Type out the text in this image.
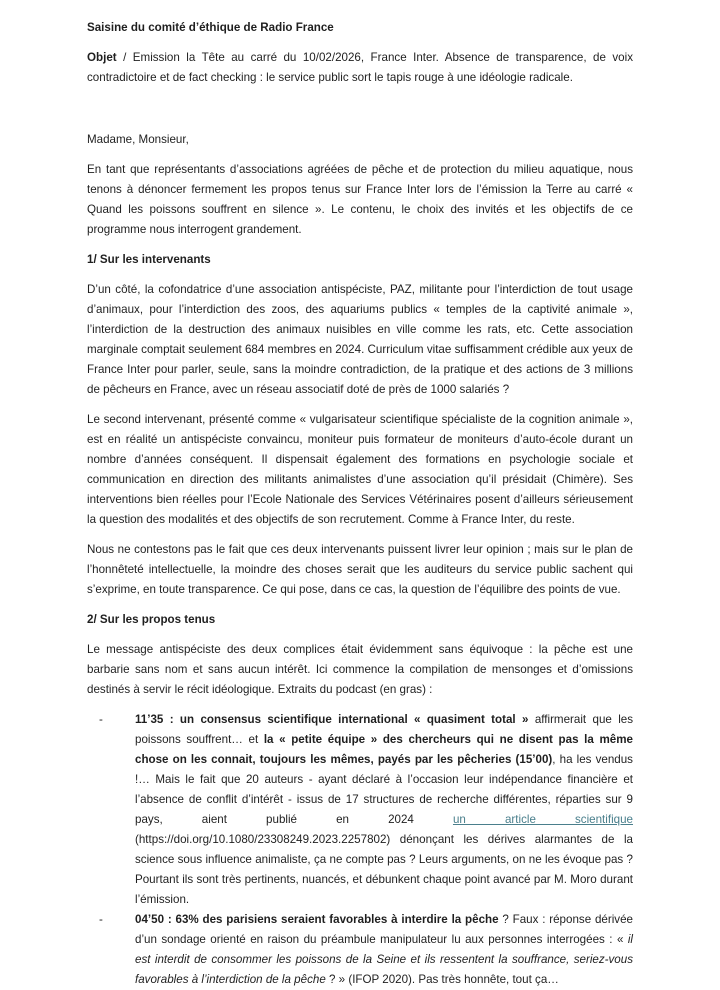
Saisine du comité d’éthique de Radio France

Objet / Emission la Tête au carré du 10/02/2026, France Inter. Absence de transparence, de voix contradictoire et de fact checking : le service public sort le tapis rouge à une idéologie radicale.

Madame, Monsieur,

En tant que représentants d’associations agréées de pêche et de protection du milieu aquatique, nous tenons à dénoncer fermement les propos tenus sur France Inter lors de l’émission la Terre au carré « Quand les poissons souffrent en silence ». Le contenu, le choix des invités et les objectifs de ce programme nous interrogent grandement.

1/ Sur les intervenants

D’un côté, la cofondatrice d’une association antispéciste, PAZ, militante pour l’interdiction de tout usage d’animaux, pour l’interdiction des zoos, des aquariums publics « temples de la captivité animale », l’interdiction de la destruction des animaux nuisibles en ville comme les rats, etc. Cette association marginale comptait seulement 684 membres en 2024. Curriculum vitae suffisamment crédible aux yeux de France Inter pour parler, seule, sans la moindre contradiction, de la pratique et des actions de 3 millions de pêcheurs en France, avec un réseau associatif doté de près de 1000 salariés ?

Le second intervenant, présenté comme « vulgarisateur scientifique spécialiste de la cognition animale », est en réalité un antispéciste convaincu, moniteur puis formateur de moniteurs d’auto-école durant un nombre d’années conséquent. Il dispensait également des formations en psychologie sociale et communication en direction des militants animalistes d’une association qu’il présidait (Chimère). Ses interventions bien réelles pour l’Ecole Nationale des Services Vétérinaires posent d’ailleurs sérieusement la question des modalités et des objectifs de son recrutement. Comme à France Inter, du reste.

Nous ne contestons pas le fait que ces deux intervenants puissent livrer leur opinion ; mais sur le plan de l’honnêteté intellectuelle, la moindre des choses serait que les auditeurs du service public sachent qui s’exprime, en toute transparence. Ce qui pose, dans ce cas, la question de l’équilibre des points de vue.

2/ Sur les propos tenus

Le message antispéciste des deux complices était évidemment sans équivoque : la pêche est une barbarie sans nom et sans aucun intérêt. Ici commence la compilation de mensonges et d’omissions destinés à servir le récit idéologique. Extraits du podcast (en gras) :

-	11’35 : un consensus scientifique international « quasiment total » affirmerait que les poissons souffrent… et la « petite équipe » des chercheurs qui ne disent pas la même chose on les connait, toujours les mêmes, payés par les pêcheries (15’00), ha les vendus !… Mais le fait que 20 auteurs - ayant déclaré à l’occasion leur indépendance financière et l’absence de conflit d’intérêt - issus de 17 structures de recherche différentes, réparties sur 9 pays, aient publié en 2024 un article scientifique (https://doi.org/10.1080/23308249.2023.2257802) dénonçant les dérives alarmantes de la science sous influence animaliste, ça ne compte pas ? Leurs arguments, on ne les évoque pas ? Pourtant ils sont très pertinents, nuancés, et débunkent chaque point avancé par M. Moro durant l’émission.
-	04’50 : 63% des parisiens seraient favorables à interdire la pêche ? Faux : réponse dérivée d’un sondage orienté en raison du préambule manipulateur lu aux personnes interrogées : « il est interdit de consommer les poissons de la Seine et ils ressentent la souffrance, seriez-vous favorables à l’interdiction de la pêche ? » (IFOP 2020). Pas très honnête, tout ça…
